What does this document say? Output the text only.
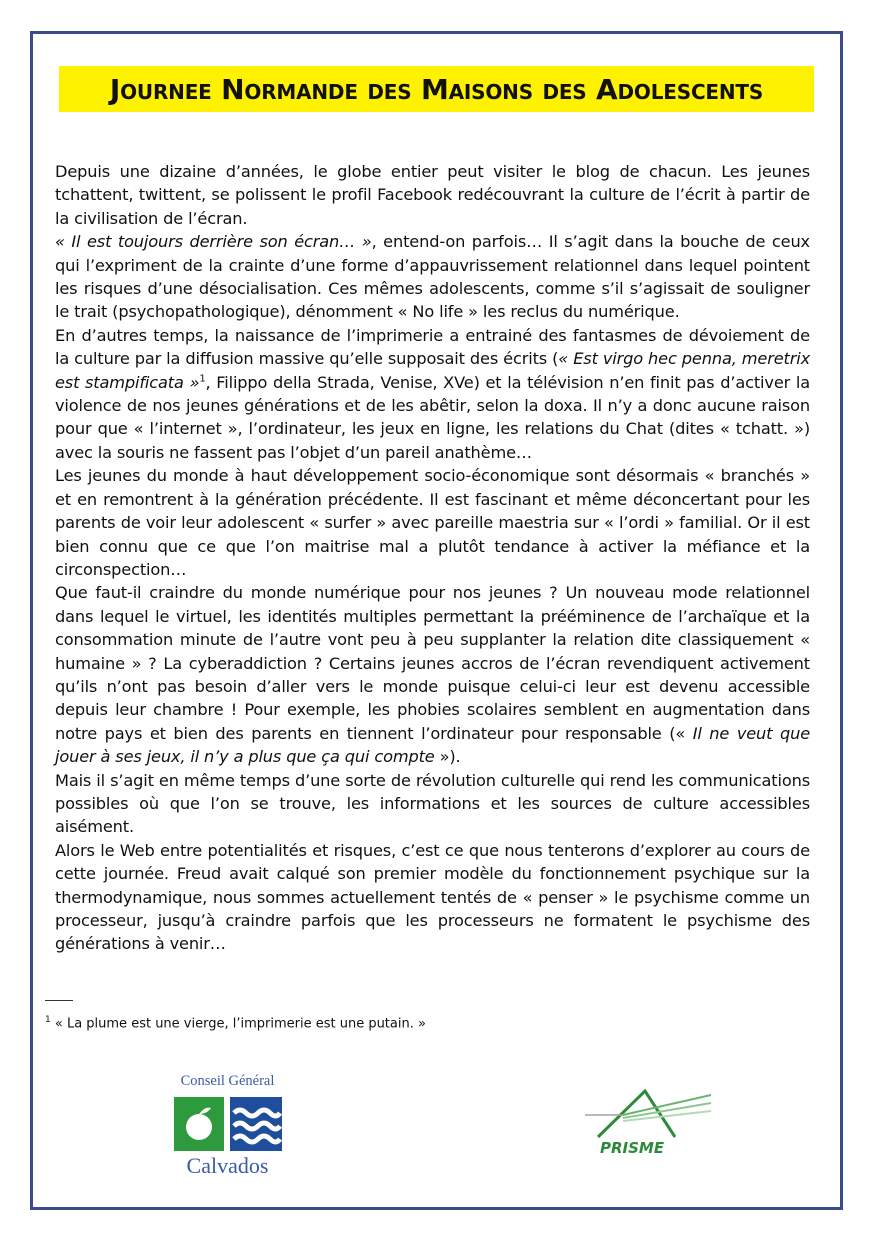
Journee Normande des Maisons des Adolescents

Depuis une dizaine d’années, le globe entier peut visiter le blog de chacun. Les jeunes tchattent, twittent, se polissent le profil Facebook redécouvrant la culture de l’écrit à partir de la civilisation de l’écran.

« Il est toujours derrière son écran… », entend-on parfois… Il s’agit dans la bouche de ceux qui l’expriment de la crainte d’une forme d’appauvrissement relationnel dans lequel pointent les risques d’une désocialisation. Ces mêmes adolescents, comme s’il s’agissait de souligner le trait (psychopathologique), dénomment « No life » les reclus du numérique.

En d’autres temps, la naissance de l’imprimerie a entrainé des fantasmes de dévoiement de la culture par la diffusion massive qu’elle supposait des écrits (« Est virgo hec penna, meretrix est stampificata »$^1$, Filippo della Strada, Venise, XVe) et la télévision n’en finit pas d’activer la violence de nos jeunes générations et de les abêtir, selon la doxa. Il n’y a donc aucune raison pour que « l’internet », l’ordinateur, les jeux en ligne, les relations du Chat (dites « tchatt. ») avec la souris ne fassent pas l’objet d’un pareil anathème…

Les jeunes du monde à haut développement socio-économique sont désormais « branchés » et en remontrent à la génération précédente. Il est fascinant et même déconcertant pour les parents de voir leur adolescent « surfer » avec pareille maestria sur « l’ordi » familial. Or il est bien connu que ce que l’on maitrise mal a plutôt tendance à activer la méfiance et la circonspection…

Que faut-il craindre du monde numérique pour nos jeunes ? Un nouveau mode relationnel dans lequel le virtuel, les identités multiples permettant la prééminence de l’archaïque et la consommation minute de l’autre vont peu à peu supplanter la relation dite classiquement « humaine » ? La cyberaddiction ? Certains jeunes accros de l’écran revendiquent activement qu’ils n’ont pas besoin d’aller vers le monde puisque celui-ci leur est devenu accessible depuis leur chambre ! Pour exemple, les phobies scolaires semblent en augmentation dans notre pays et bien des parents en tiennent l’ordinateur pour responsable (« Il ne veut que jouer à ses jeux, il n’y a plus que ça qui compte »).

Mais il s’agit en même temps d’une sorte de révolution culturelle qui rend les communications possibles où que l’on se trouve, les informations et les sources de culture accessibles aisément.

Alors le Web entre potentialités et risques, c’est ce que nous tenterons d’explorer au cours de cette journée. Freud avait calqué son premier modèle du fonctionnement psychique sur la thermodynamique, nous sommes actuellement tentés de « penser » le psychisme comme un processeur, jusqu’à craindre parfois que les processeurs ne formatent le psychisme des générations à venir…

$^1$ « La plume est une vierge, l’imprimerie est une putain. »
Conseil Général
Calvados
PRISME
